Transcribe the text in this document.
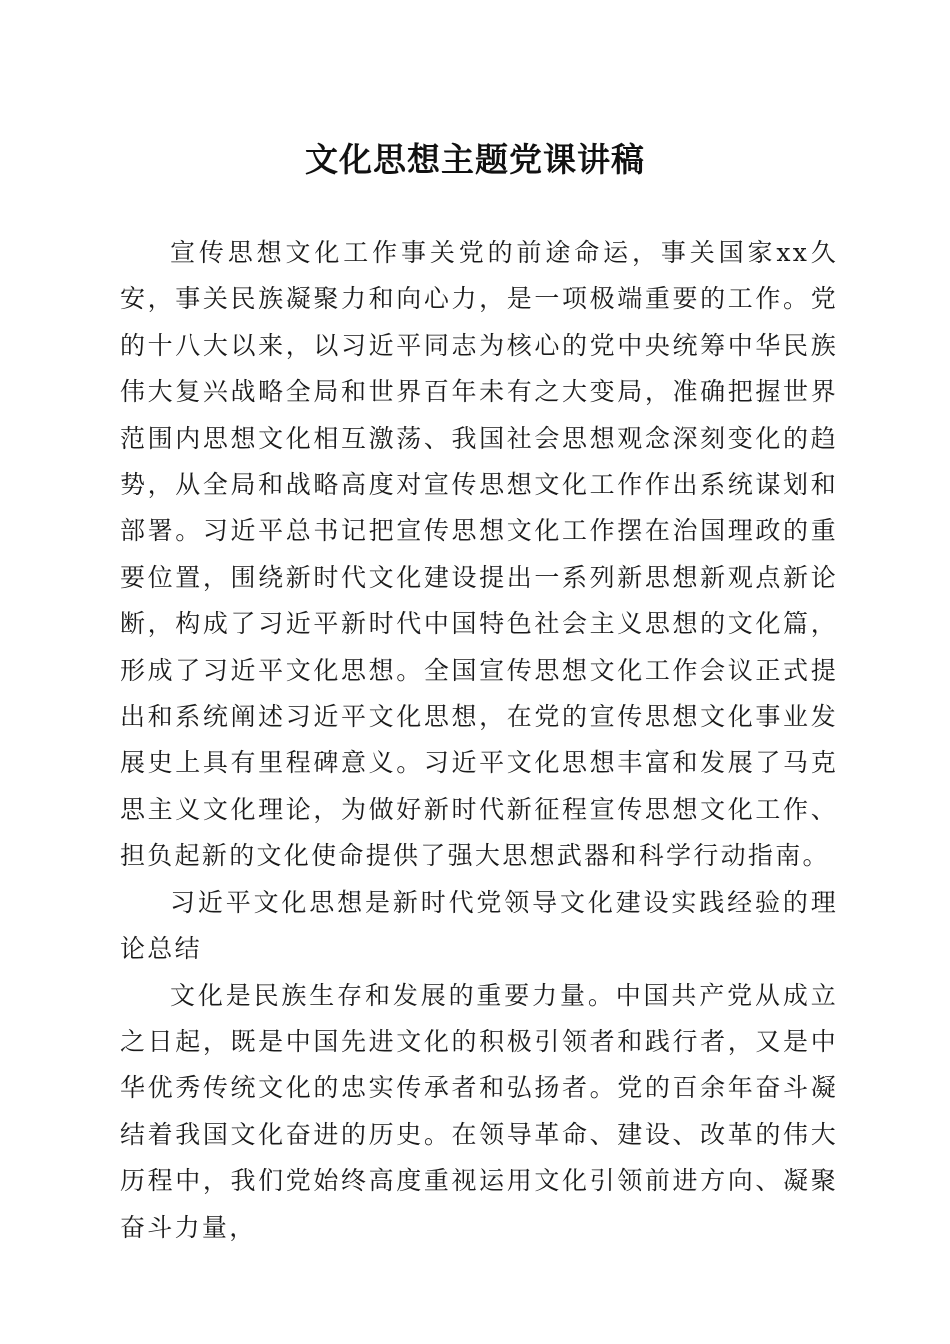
文化思想主题党课讲稿

宣传思想文化工作事关党的前途命运，事关国家xx久安，事关民族凝聚力和向心力，是一项极端重要的工作。党的十八大以来，以习近平同志为核心的党中央统筹中华民族伟大复兴战略全局和世界百年未有之大变局，准确把握世界范围内思想文化相互激荡、我国社会思想观念深刻变化的趋势，从全局和战略高度对宣传思想文化工作作出系统谋划和部署。习近平总书记把宣传思想文化工作摆在治国理政的重要位置，围绕新时代文化建设提出一系列新思想新观点新论断，构成了习近平新时代中国特色社会主义思想的文化篇，形成了习近平文化思想。全国宣传思想文化工作会议正式提出和系统阐述习近平文化思想，在党的宣传思想文化事业发展史上具有里程碑意义。习近平文化思想丰富和发展了马克思主义文化理论，为做好新时代新征程宣传思想文化工作、担负起新的文化使命提供了强大思想武器和科学行动指南。

习近平文化思想是新时代党领导文化建设实践经验的理论总结

文化是民族生存和发展的重要力量。中国共产党从成立之日起，既是中国先进文化的积极引领者和践行者，又是中华优秀传统文化的忠实传承者和弘扬者。党的百余年奋斗凝结着我国文化奋进的历史。在领导革命、建设、改革的伟大历程中，我们党始终高度重视运用文化引领前进方向、凝聚奋斗力量，
